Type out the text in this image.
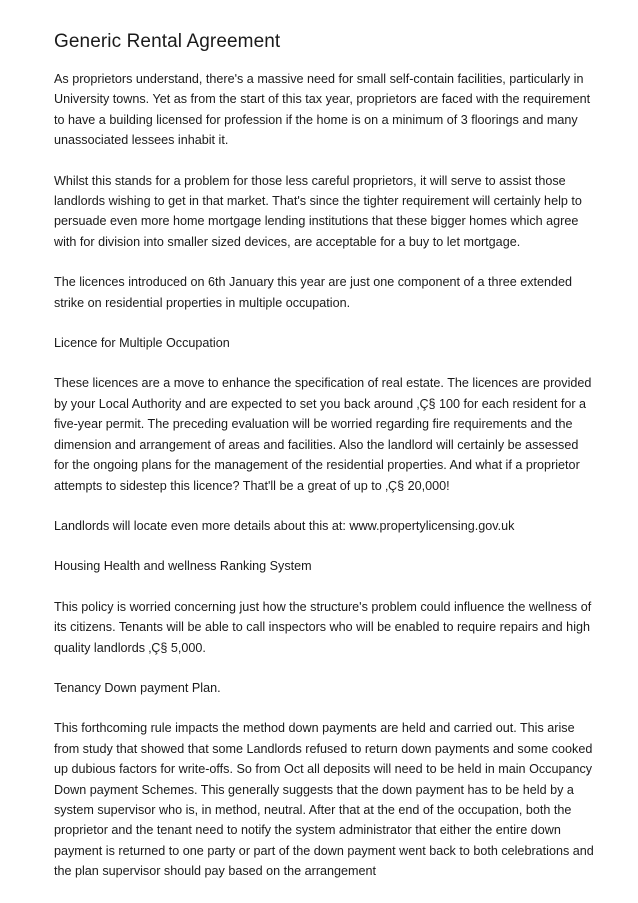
Generic Rental Agreement

As proprietors understand, there's a massive need for small self-contain facilities, particularly in University towns. Yet as from the start of this tax year, proprietors are faced with the requirement to have a building licensed for profession if the home is on a minimum of 3 floorings and many unassociated lessees inhabit it.

Whilst this stands for a problem for those less careful proprietors, it will serve to assist those landlords wishing to get in that market. That's since the tighter requirement will certainly help to persuade even more home mortgage lending institutions that these bigger homes which agree with for division into smaller sized devices, are acceptable for a buy to let mortgage.

The licences introduced on 6th January this year are just one component of a three extended strike on residential properties in multiple occupation.

Licence for Multiple Occupation

These licences are a move to enhance the specification of real estate. The licences are provided by your Local Authority and are expected to set you back around ‚Ç§ 100 for each resident for a five-year permit. The preceding evaluation will be worried regarding fire requirements and the dimension and arrangement of areas and facilities. Also the landlord will certainly be assessed for the ongoing plans for the management of the residential properties. And what if a proprietor attempts to sidestep this licence? That'll be a great of up to ‚Ç§ 20,000!

Landlords will locate even more details about this at: www.propertylicensing.gov.uk

Housing Health and wellness Ranking System

This policy is worried concerning just how the structure's problem could influence the wellness of its citizens. Tenants will be able to call inspectors who will be enabled to require repairs and high quality landlords ‚Ç§ 5,000.

Tenancy Down payment Plan.

This forthcoming rule impacts the method down payments are held and carried out. This arise from study that showed that some Landlords refused to return down payments and some cooked up dubious factors for write-offs. So from Oct all deposits will need to be held in main Occupancy Down payment Schemes. This generally suggests that the down payment has to be held by a system supervisor who is, in method, neutral. After that at the end of the occupation, both the proprietor and the tenant need to notify the system administrator that either the entire down payment is returned to one party or part of the down payment went back to both celebrations and the plan supervisor should pay based on the arrangement
